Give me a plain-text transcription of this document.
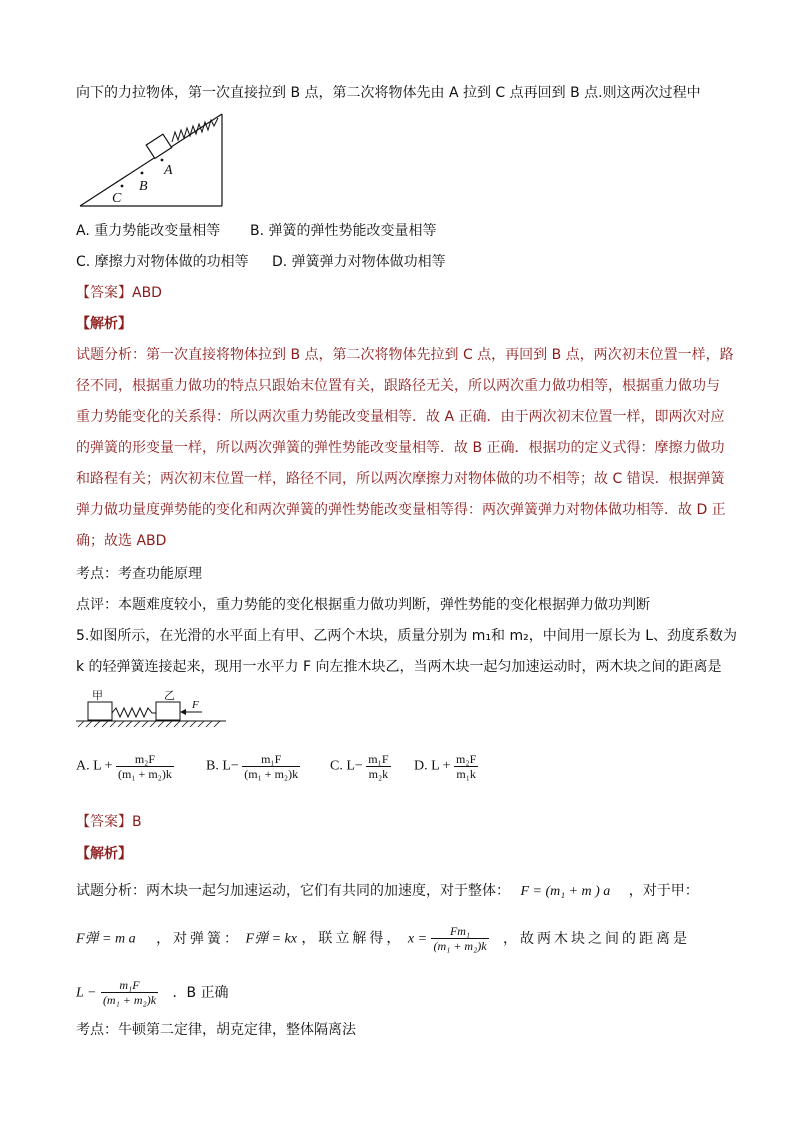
向下的力拉物体，第一次直接拉到 B 点，第二次将物体先由 A 拉到 C 点再回到 B 点.则这两次过程中
A
B
C
A. 重力势能改变量相等 B. 弹簧的弹性势能改变量相等
C. 摩擦力对物体做的功相等 D. 弹簧弹力对物体做功相等
【答案】ABD
【解析】
试题分析：第一次直接将物体拉到 B 点，第二次将物体先拉到 C 点，再回到 B 点，两次初末位置一样，路
径不同，根据重力做功的特点只跟始末位置有关，跟路径无关，所以两次重力做功相等，根据重力做功与
重力势能变化的关系得：所以两次重力势能改变量相等．故 A 正确．由于两次初末位置一样，即两次对应
的弹簧的形变量一样，所以两次弹簧的弹性势能改变量相等．故 B 正确．根据功的定义式得：摩擦力做功
和路程有关；两次初末位置一样，路径不同，所以两次摩擦力对物体做的功不相等；故 C 错误．根据弹簧
弹力做功量度弹势能的变化和两次弹簧的弹性势能改变量相等得：两次弹簧弹力对物体做功相等．故 D 正
确；故选 ABD
考点：考查功能原理
点评：本题难度较小，重力势能的变化根据重力做功判断，弹性势能的变化根据弹力做功判断
5.如图所示，在光滑的水平面上有甲、乙两个木块，质量分别为 m₁和 m₂，中间用一原长为 L、劲度系数为
k 的轻弹簧连接起来，现用一水平力 F 向左推木块乙，当两木块一起匀加速运动时，两木块之间的距离是
甲	乙
F
A. $L + \frac{\text{m₂F}}{\text{(m₁ + m₂)k}} B$. $L- \frac{\text{m₁F}}{\text{(m₁ + m₂)k}} C$. $L- \frac{\text{m₁F}}{\text{m₂k}} D$. $L + \frac{\text{m₂F}}{\text{m₁k}}$
【答案】B
【解析】
试题分析：两木块一起匀加速运动，它们有共同的加速度，对于整体： F = (m₁ + m ) a ，对于甲：
F弹 = m a ，对弹簧： F弹 = kx ，联立解得， $x = \frac{\text{Fm₁}}{\text{(m₁ + m₂)k}}$ ，故两木块之间的距离是
$L - \frac{\text{m₁F}}{\text{(m₁ + m₂)k}}$ ．B 正确
考点：牛顿第二定律，胡克定律，整体隔离法
